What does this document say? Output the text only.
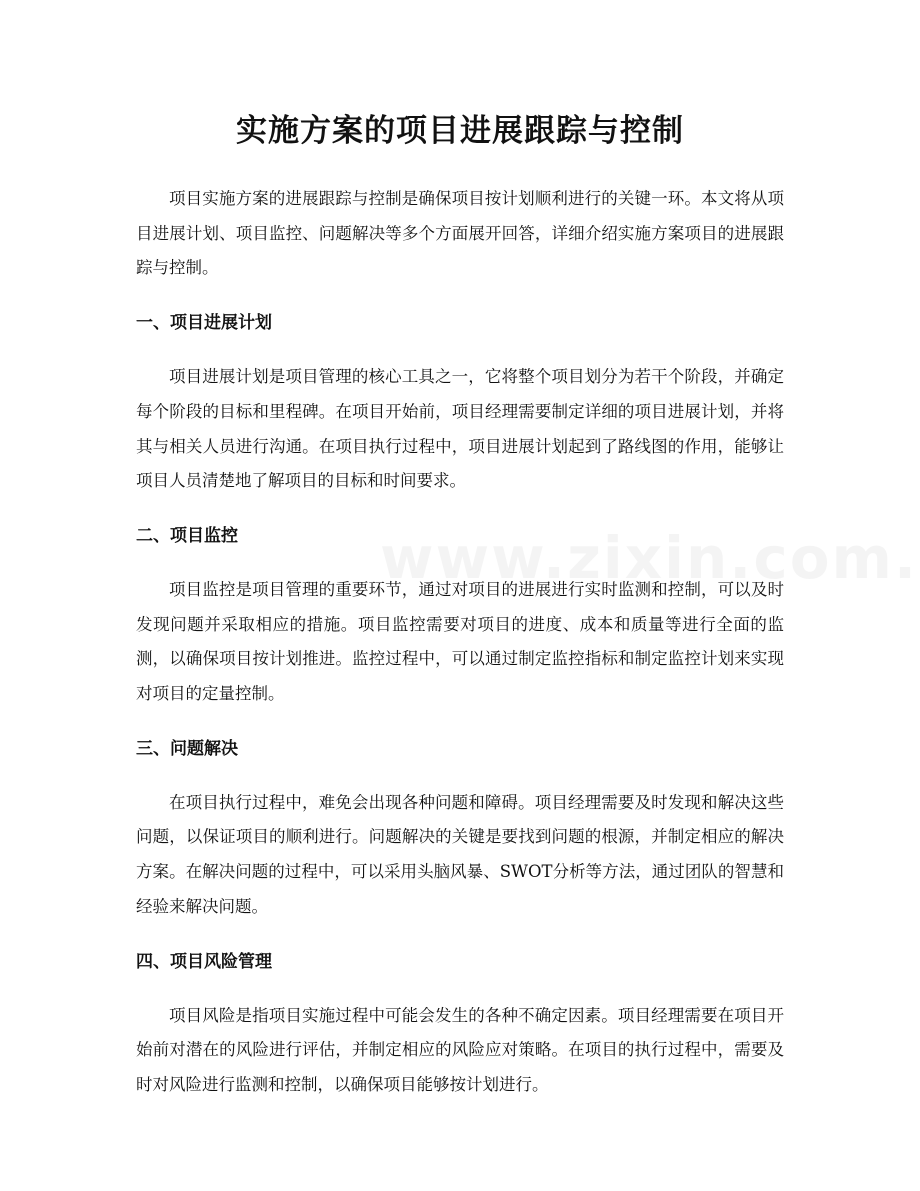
实施方案的项目进展跟踪与控制

项目实施方案的进展跟踪与控制是确保项目按计划顺利进行的关键一环。本文将从项目进展计划、项目监控、问题解决等多个方面展开回答，详细介绍实施方案项目的进展跟踪与控制。

一、项目进展计划

项目进展计划是项目管理的核心工具之一，它将整个项目划分为若干个阶段，并确定每个阶段的目标和里程碑。在项目开始前，项目经理需要制定详细的项目进展计划，并将其与相关人员进行沟通。在项目执行过程中，项目进展计划起到了路线图的作用，能够让项目人员清楚地了解项目的目标和时间要求。

二、项目监控

项目监控是项目管理的重要环节，通过对项目的进展进行实时监测和控制，可以及时发现问题并采取相应的措施。项目监控需要对项目的进度、成本和质量等进行全面的监测，以确保项目按计划推进。监控过程中，可以通过制定监控指标和制定监控计划来实现对项目的定量控制。

三、问题解决

在项目执行过程中，难免会出现各种问题和障碍。项目经理需要及时发现和解决这些问题，以保证项目的顺利进行。问题解决的关键是要找到问题的根源，并制定相应的解决方案。在解决问题的过程中，可以采用头脑风暴、SWOT分析等方法，通过团队的智慧和经验来解决问题。

四、项目风险管理

项目风险是指项目实施过程中可能会发生的各种不确定因素。项目经理需要在项目开始前对潜在的风险进行评估，并制定相应的风险应对策略。在项目的执行过程中，需要及时对风险进行监测和控制，以确保项目能够按计划进行。
